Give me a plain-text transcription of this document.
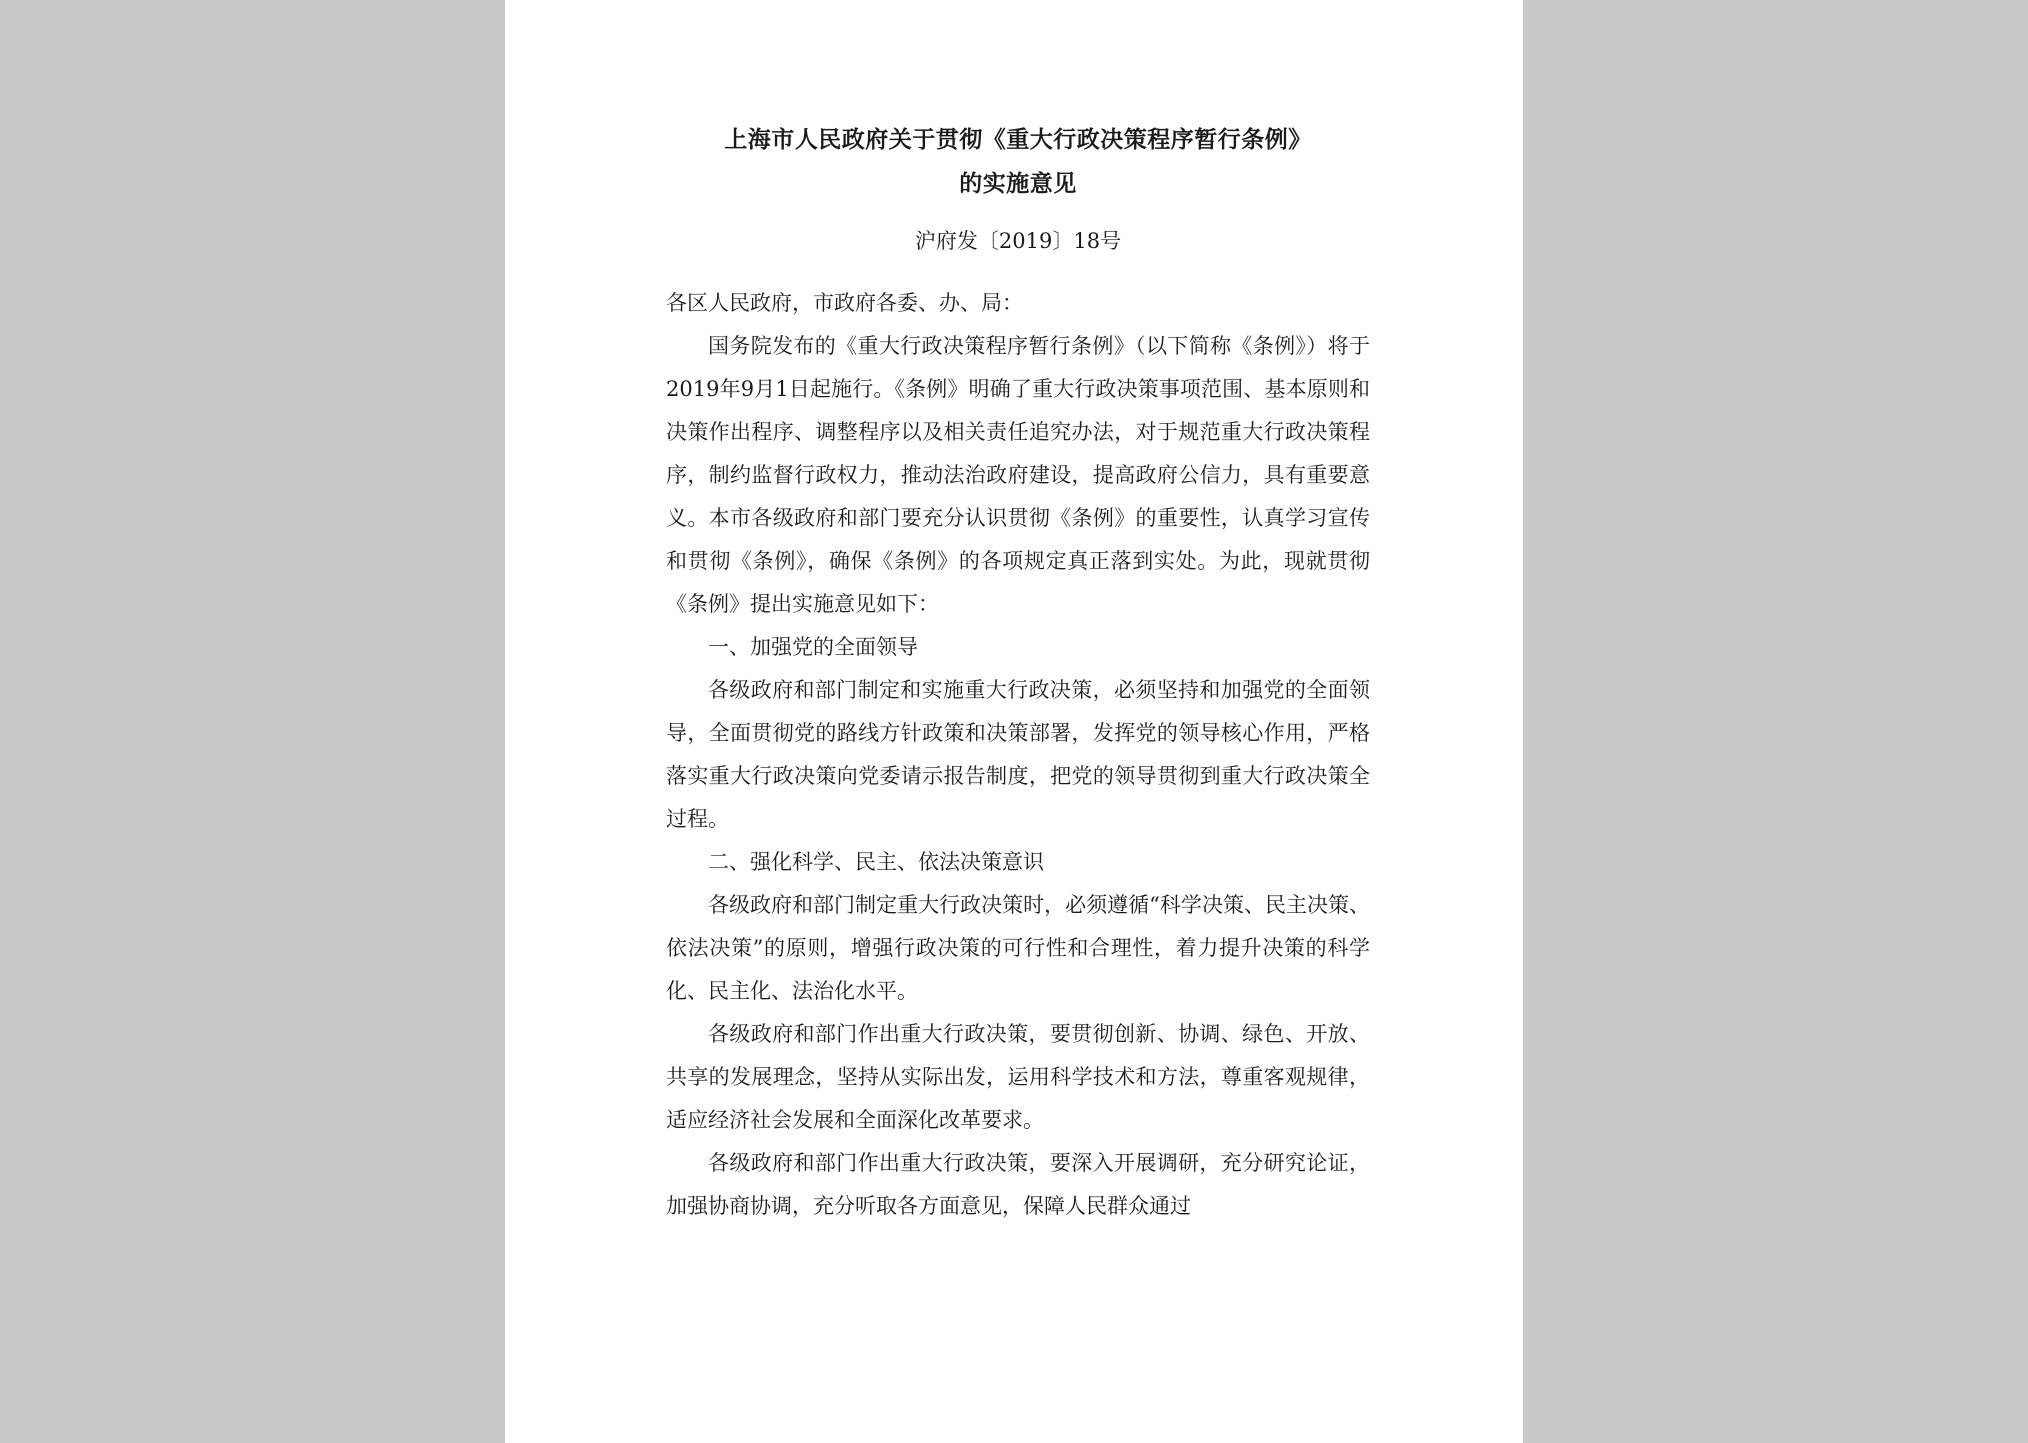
上海市人民政府关于贯彻《重大行政决策程序暂行条例》
的实施意见
沪府发〔2019〕18号

各区人民政府，市政府各委、办、局：

国务院发布的《重大行政决策程序暂行条例》（以下简称《条例》）将于2019年9月1日起施行。《条例》明确了重大行政决策事项范围、基本原则和决策作出程序、调整程序以及相关责任追究办法，对于规范重大行政决策程序，制约监督行政权力，推动法治政府建设，提高政府公信力，具有重要意义。本市各级政府和部门要充分认识贯彻《条例》的重要性，认真学习宣传和贯彻《条例》，确保《条例》的各项规定真正落到实处。为此，现就贯彻《条例》提出实施意见如下：

一、加强党的全面领导

各级政府和部门制定和实施重大行政决策，必须坚持和加强党的全面领导，全面贯彻党的路线方针政策和决策部署，发挥党的领导核心作用，严格落实重大行政决策向党委请示报告制度，把党的领导贯彻到重大行政决策全过程。

二、强化科学、民主、依法决策意识

各级政府和部门制定重大行政决策时，必须遵循“科学决策、民主决策、依法决策”的原则，增强行政决策的可行性和合理性，着力提升决策的科学化、民主化、法治化水平。

各级政府和部门作出重大行政决策，要贯彻创新、协调、绿色、开放、共享的发展理念，坚持从实际出发，运用科学技术和方法，尊重客观规律，适应经济社会发展和全面深化改革要求。

各级政府和部门作出重大行政决策，要深入开展调研，充分研究论证，加强协商协调，充分听取各方面意见，保障人民群众通过
